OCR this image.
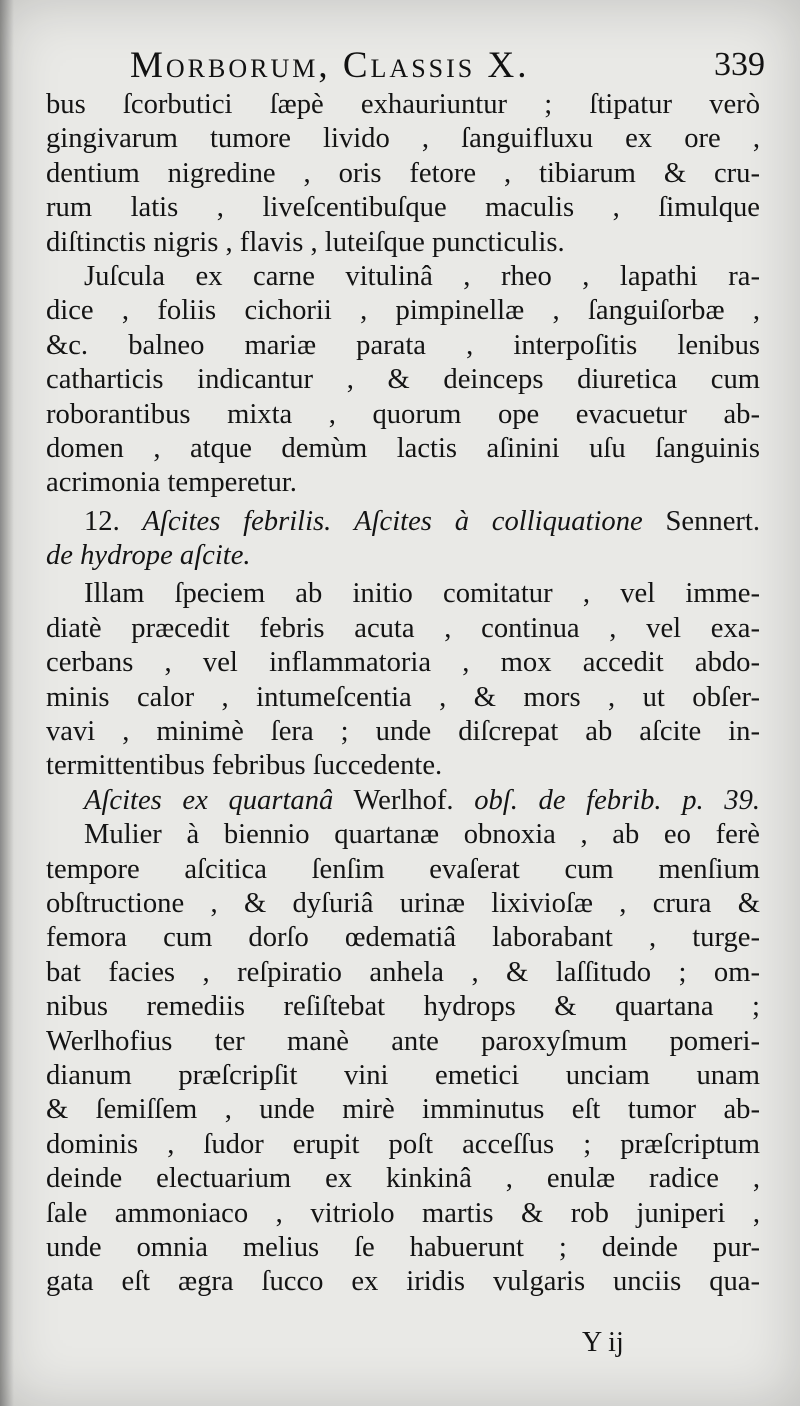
Morborum, Classis X.	339
bus ſcorbutici ſæpè exhauriuntur ; ſtipatur verò
gingivarum tumore livido , ſanguifluxu ex ore ,
dentium nigredine , oris fetore , tibiarum & cru-
rum latis , liveſcentibuſque maculis , ſimulque
diſtinctis nigris , flavis , luteiſque puncticulis.
Juſcula ex carne vitulinâ , rheo , lapathi ra-
dice , foliis cichorii , pimpinellæ , ſanguiſorbæ ,
&c. balneo mariæ parata , interpoſitis lenibus
catharticis indicantur , & deinceps diuretica cum
roborantibus mixta , quorum ope evacuetur ab-
domen , atque demùm lactis aſinini uſu ſanguinis
acrimonia temperetur.
12. Aſcites febrilis. Aſcites à colliquatione Sennert.
de hydrope aſcite.
Illam ſpeciem ab initio comitatur , vel imme-
diatè præcedit febris acuta , continua , vel exa-
cerbans , vel inflammatoria , mox accedit abdo-
minis calor , intumeſcentia , & mors , ut obſer-
vavi , minimè ſera ; unde diſcrepat ab aſcite in-
termittentibus febribus ſuccedente.
Aſcites ex quartanâ Werlhof. obſ. de febrib. p. 39.
Mulier à biennio quartanæ obnoxia , ab eo ferè
tempore aſcitica ſenſim evaſerat cum menſium
obſtructione , & dyſuriâ urinæ lixivioſæ , crura &
femora cum dorſo œdematiâ laborabant , turge-
bat facies , reſpiratio anhela , & laſſitudo ; om-
nibus remediis reſiſtebat hydrops & quartana ;
Werlhofius ter manè ante paroxyſmum pomeri-
dianum præſcripſit vini emetici unciam unam
& ſemiſſem , unde mirè imminutus eſt tumor ab-
dominis , ſudor erupit poſt acceſſus ; præſcriptum
deinde electuarium ex kinkinâ , enulæ radice ,
ſale ammoniaco , vitriolo martis & rob juniperi ,
unde omnia melius ſe habuerunt ; deinde pur-
gata eſt ægra ſucco ex iridis vulgaris unciis qua-
Y ij
